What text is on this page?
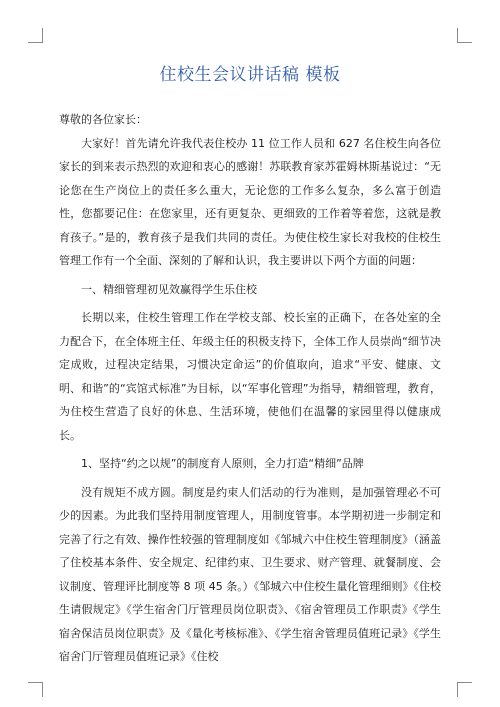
住校生会议讲话稿 模板

尊敬的各位家长：

大家好！首先请允许我代表住校办 11 位工作人员和 627 名住校生向各位家长的到来表示热烈的欢迎和衷心的感谢！苏联教育家苏霍姆林斯基说过：“无论您在生产岗位上的责任多么重大，无论您的工作多么复杂，多么富于创造性，您都要记住：在您家里，还有更复杂、更细致的工作着等着您，这就是教育孩子。”是的，教育孩子是我们共同的责任。为使住校生家长对我校的住校生管理工作有一个全面、深刻的了解和认识，我主要讲以下两个方面的问题：

一、精细管理初见效赢得学生乐住校

长期以来，住校生管理工作在学校支部、校长室的正确下，在各处室的全力配合下，在全体班主任、年级主任的积极支持下，全体工作人员崇尚“细节决定成败，过程决定结果，习惯决定命运”的价值取向，追求“平安、健康、文明、和谐”的“宾馆式标准”为目标，以“军事化管理”为指导，精细管理，教育，为住校生营造了良好的休息、生活环境，使他们在温馨的家园里得以健康成长。

1、坚持“约之以规”的制度育人原则，全力打造“精细”品牌

没有规矩不成方圆。制度是约束人们活动的行为准则，是加强管理必不可少的因素。为此我们坚持用制度管理人，用制度管事。本学期初进一步制定和完善了行之有效、操作性较强的管理制度如《邹城六中住校生管理制度》（涵盖了住校基本条件、安全规定、纪律约束、卫生要求、财产管理、就餐制度、会议制度、管理评比制度等 8 项 45 条。）《邹城六中住校生量化管理细则》《住校生请假规定》《学生宿舍门厅管理员岗位职责》、《宿舍管理员工作职责》《学生宿舍保洁员岗位职责》及《量化考核标准》、《学生宿舍管理员值班记录》《学生宿舍门厅管理员值班记录》《住校
